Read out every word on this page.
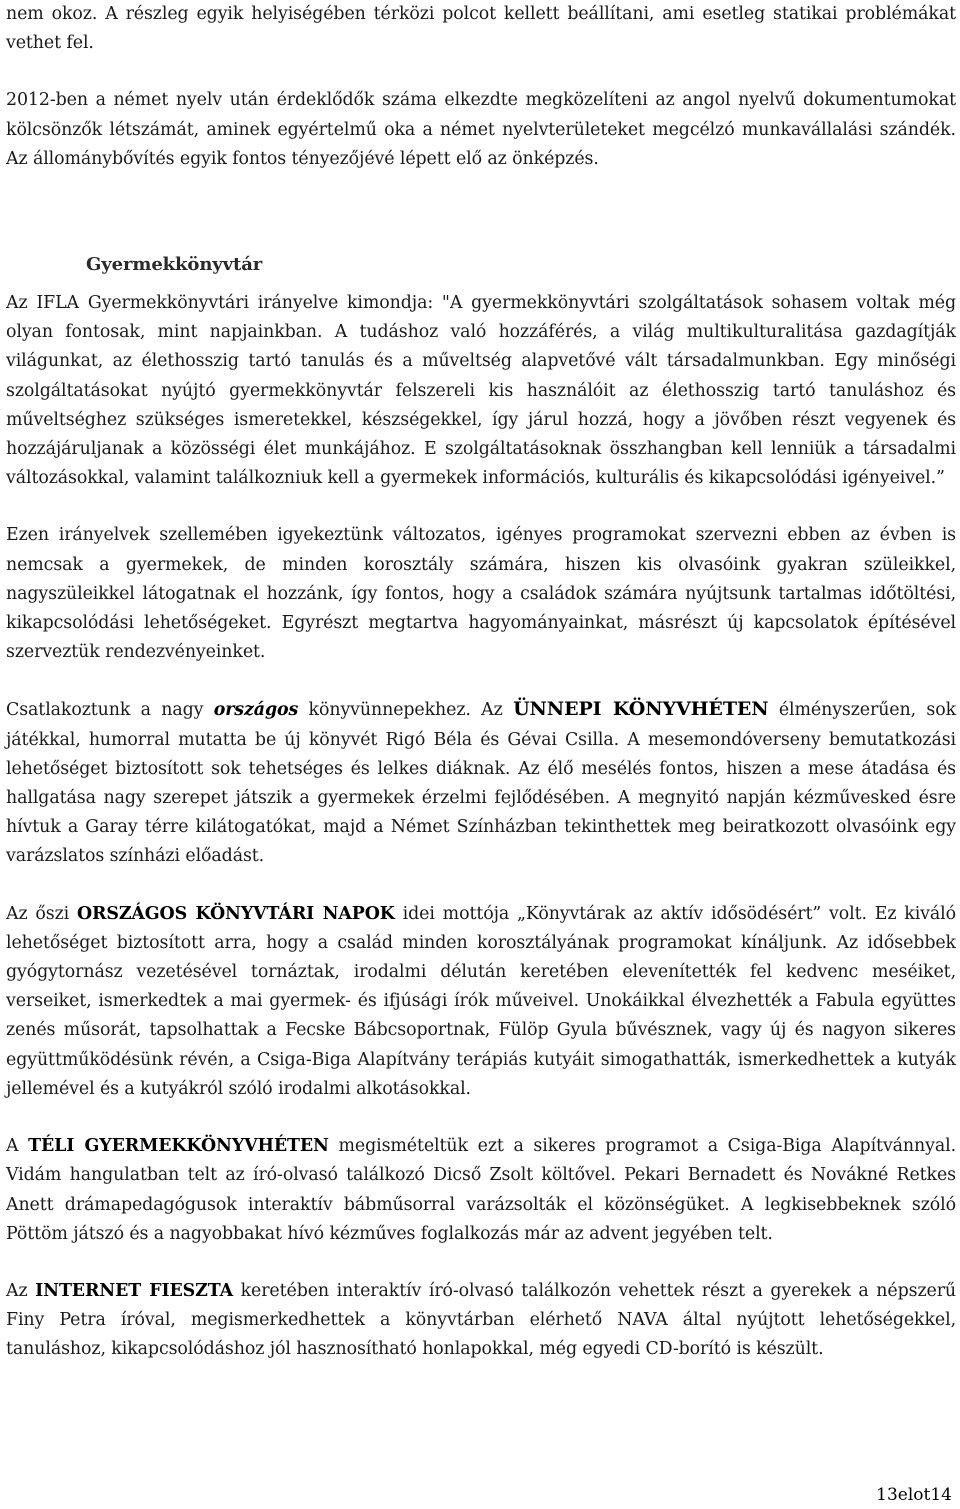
nem okoz. A részleg egyik helyiségében térközi polcot kellett beállítani, ami esetleg statikai problémákat vethet fel.

2012-ben a német nyelv után érdeklődők száma elkezdte megközelíteni az angol nyelvű dokumentumokat kölcsönzők létszámát, aminek egyértelmű oka a német nyelvterületeket megcélzó munkavállalási szándék. Az állománybővítés egyik fontos tényezőjévé lépett elő az önképzés.

Gyermekkönyvtár

Az IFLA Gyermekkönyvtári irányelve kimondja: "A gyermekkönyvtári szolgáltatások sohasem voltak még olyan fontosak, mint napjainkban. A tudáshoz való hozzáférés, a világ multikulturalitása gazdagítják világunkat, az élethosszig tartó tanulás és a műveltség alapvetővé vált társadalmunkban. Egy minőségi szolgáltatásokat nyújtó gyermekkönyvtár felszereli kis használóit az élethosszig tartó tanuláshoz és műveltséghez szükséges ismeretekkel, készségekkel, így járul hozzá, hogy a jövőben részt vegyenek és hozzájáruljanak a közösségi élet munkájához. E szolgáltatásoknak összhangban kell lenniük a társadalmi változásokkal, valamint találkozniuk kell a gyermekek információs, kulturális és kikapcsolódási igényeivel.”

Ezen irányelvek szellemében igyekeztünk változatos, igényes programokat szervezni ebben az évben is nemcsak a gyermekek, de minden korosztály számára, hiszen kis olvasóink gyakran szüleikkel, nagyszüleikkel látogatnak el hozzánk, így fontos, hogy a családok számára nyújtsunk tartalmas időtöltési, kikapcsolódási lehetőségeket. Egyrészt megtartva hagyományainkat, másrészt új kapcsolatok építésével szerveztük rendezvényeinket.

Csatlakoztunk a nagy országos könyvünnepekhez. Az ÜNNEPI KÖNYVHÉTEN élményszerűen, sok játékkal, humorral mutatta be új könyvét Rigó Béla és Gévai Csilla. A mesemondóverseny bemutatkozási lehetőséget biztosított sok tehetséges és lelkes diáknak. Az élő mesélés fontos, hiszen a mese átadása és hallgatása nagy szerepet játszik a gyermekek érzelmi fejlődésében. A megnyitó napján kézművesked ésre hívtuk a Garay térre kilátogatókat, majd a Német Színházban tekinthettek meg beiratkozott olvasóink egy varázslatos színházi előadást.

Az őszi ORSZÁGOS KÖNYVTÁRI NAPOK idei mottója „Könyvtárak az aktív idősödésért” volt. Ez kiváló lehetőséget biztosított arra, hogy a család minden korosztályának programokat kínáljunk. Az idősebbek gyógytornász vezetésével tornáztak, irodalmi délután keretében elevenítették fel kedvenc meséiket, verseiket, ismerkedtek a mai gyermek- és ifjúsági írók műveivel. Unokáikkal élvezhették a Fabula együttes zenés műsorát, tapsolhattak a Fecske Bábcsoportnak, Fülöp Gyula bűvésznek, vagy új és nagyon sikeres együttműködésünk révén, a Csiga-Biga Alapítvány terápiás kutyáit simogathatták, ismerkedhettek a kutyák jellemével és a kutyákról szóló irodalmi alkotásokkal.

A TÉLI GYERMEKKÖNYVHÉTEN megismételtük ezt a sikeres programot a Csiga-Biga Alapítvánnyal. Vidám hangulatban telt az író-olvasó találkozó Dicső Zsolt költővel. Pekari Bernadett és Novákné Retkes Anett drámapedagógusok interaktív bábműsorral varázsolták el közönségüket. A legkisebbeknek szóló Pöttöm játszó és a nagyobbakat hívó kézműves foglalkozás már az advent jegyében telt.

Az INTERNET FIESZTA keretében interaktív író-olvasó találkozón vehettek részt a gyerekek a népszerű Finy Petra íróval, megismerkedhettek a könyvtárban elérhető NAVA által nyújtott lehetőségekkel, tanuláshoz, kikapcsolódáshoz jól hasznosítható honlapokkal, még egyedi CD-borító is készült.

13elot14
